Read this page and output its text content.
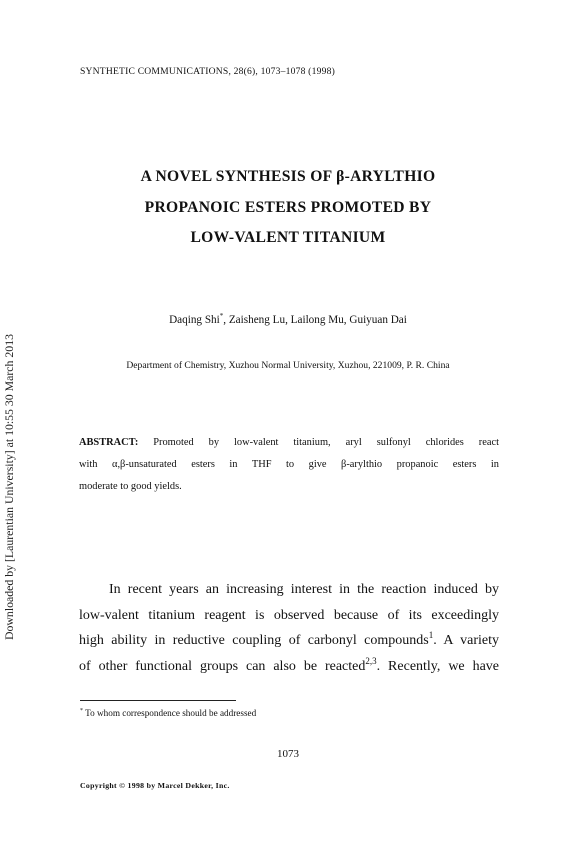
SYNTHETIC COMMUNICATIONS, 28(6), 1073–1078 (1998)
A NOVEL SYNTHESIS OF β-ARYLTHIO
PROPANOIC ESTERS PROMOTED BY
LOW-VALENT TITANIUM
Daqing Shi*, Zaisheng Lu, Lailong Mu, Guiyuan Dai
Department of Chemistry, Xuzhou Normal University, Xuzhou, 221009, P. R. China
ABSTRACT: Promoted by low-valent titanium, aryl sulfonyl chlorides react
with α,β-unsaturated esters in THF to give β-arylthio propanoic esters in
moderate to good yields.
In recent years an increasing interest in the reaction induced by
low-valent titanium reagent is observed because of its exceedingly
high ability in reductive coupling of carbonyl compounds$^1$. A variety
of other functional groups can also be reacted$^{2,3}$. Recently, we have
* To whom correspondence should be addressed
1073
Copyright © 1998 by Marcel Dekker, Inc.
Downloaded by [Laurentian University] at 10:55 30 March 2013
